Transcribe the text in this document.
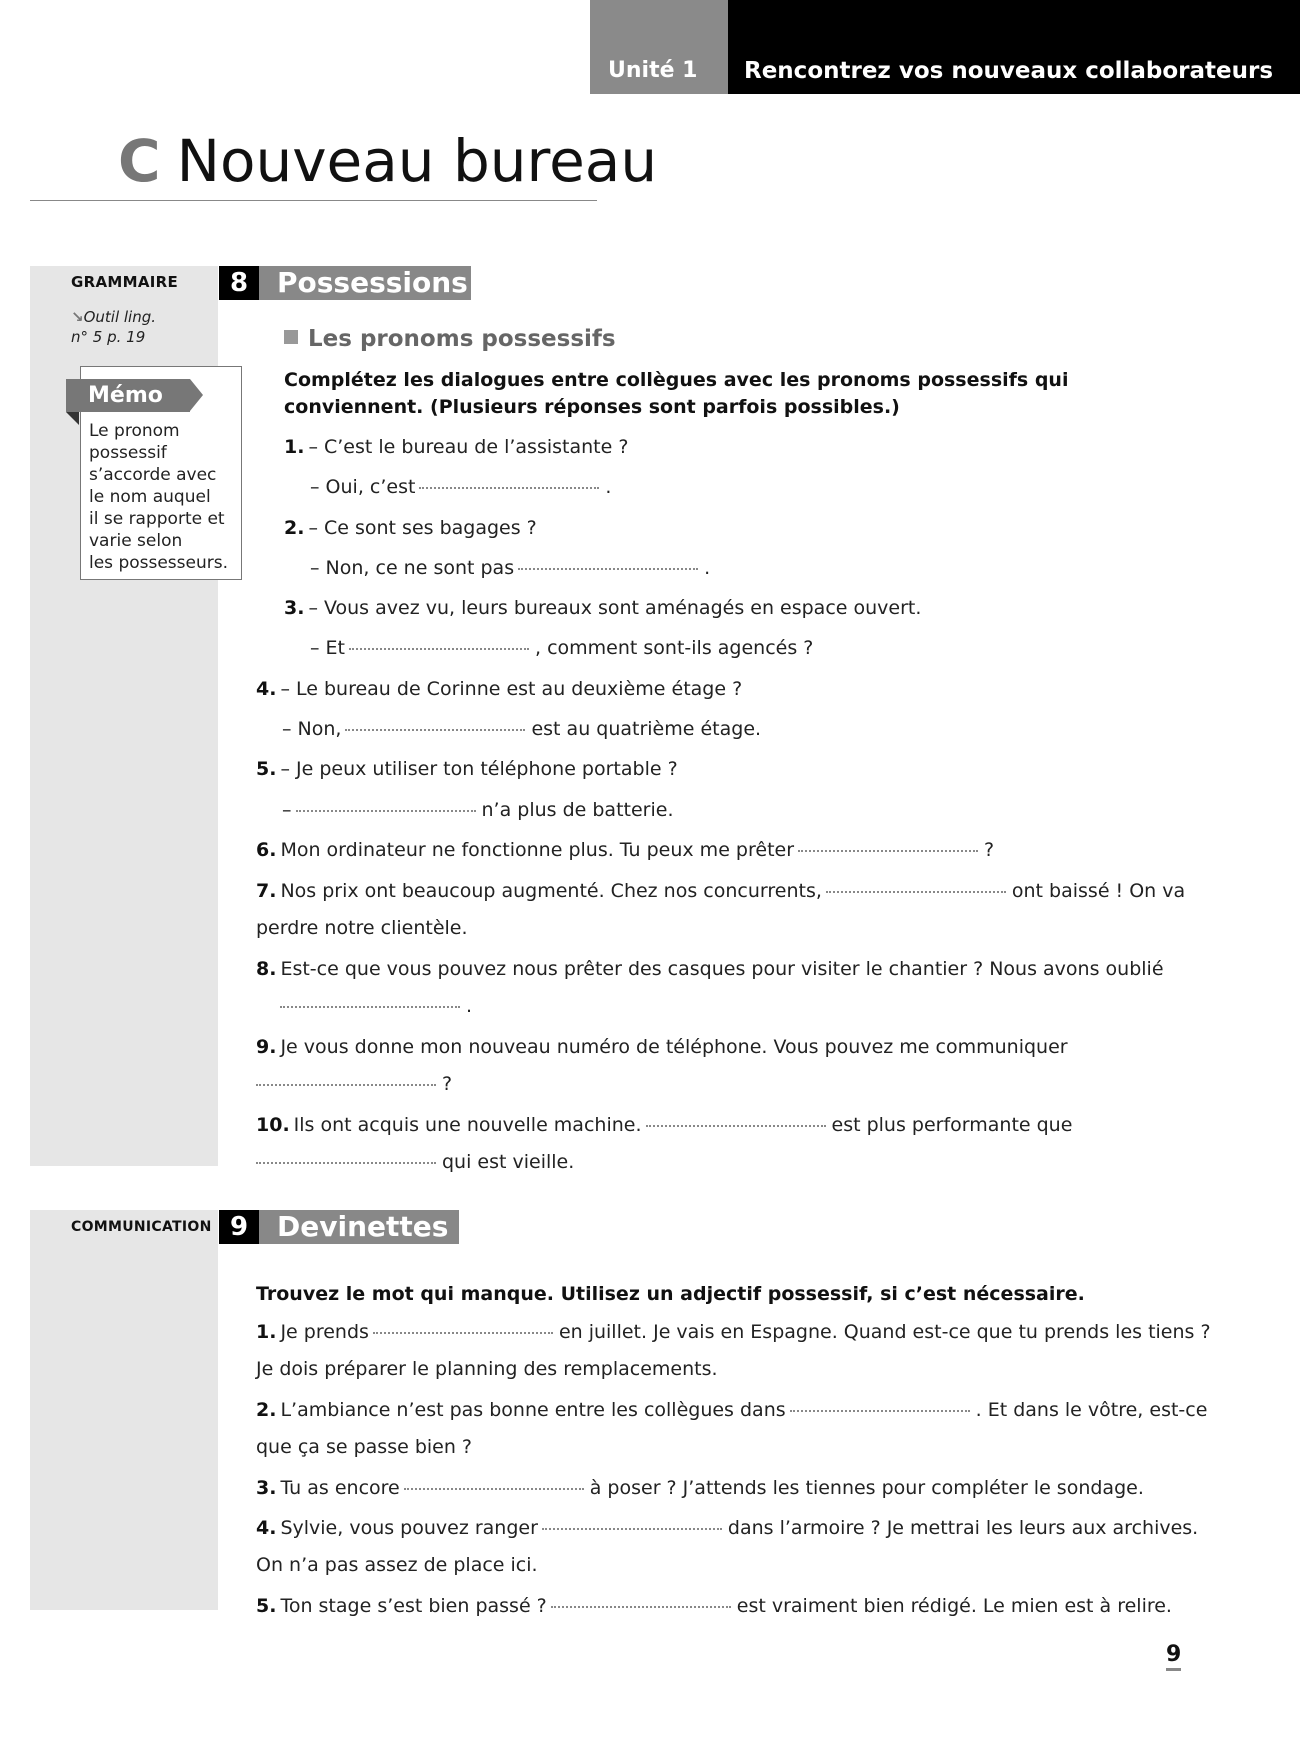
Unité 1	Rencontrez vos nouveaux collaborateurs
C Nouveau bureau
GRAMMAIRE
↘Outil ling.
n° 5 p. 19
Mémo
Le pronom
possessif
s’accorde avec
le nom auquel
il se rapporte et
varie selon
les possesseurs.
COMMUNICATION
8	Possessions
Les pronoms possessifs
Complétez les dialogues entre collègues avec les pronoms possessifs qui conviennent. (Plusieurs réponses sont parfois possibles.)
1. – C’est le bureau de l’assistante ?
– Oui, c’est	.
2. – Ce sont ses bagages ?
– Non, ce ne sont pas	.
3. – Vous avez vu, leurs bureaux sont aménagés en espace ouvert.
– Et	, comment sont-ils agencés ?
4. – Le bureau de Corinne est au deuxième étage ?
– Non,	est au quatrième étage.
5. – Je peux utiliser ton téléphone portable ?
–	n’a plus de batterie.
6. Mon ordinateur ne fonctionne plus. Tu peux me prêter	?
7. Nos prix ont beaucoup augmenté. Chez nos concurrents,	ont baissé ! On va
perdre notre clientèle.
8. Est-ce que vous pouvez nous prêter des casques pour visiter le chantier ? Nous avons oublié
.
9. Je vous donne mon nouveau numéro de téléphone. Vous pouvez me communiquer
?
10. Ils ont acquis une nouvelle machine.	est plus performante que
qui est vieille.
9	Devinettes
Trouvez le mot qui manque. Utilisez un adjectif possessif, si c’est nécessaire.
1. Je prends	en juillet. Je vais en Espagne. Quand est-ce que tu prends les tiens ?
Je dois préparer le planning des remplacements.
2. L’ambiance n’est pas bonne entre les collègues dans	. Et dans le vôtre, est-ce
que ça se passe bien ?
3. Tu as encore	à poser ? J’attends les tiennes pour compléter le sondage.
4. Sylvie, vous pouvez ranger	dans l’armoire ? Je mettrai les leurs aux archives.
On n’a pas assez de place ici.
5. Ton stage s’est bien passé ?	est vraiment bien rédigé. Le mien est à relire.
9
